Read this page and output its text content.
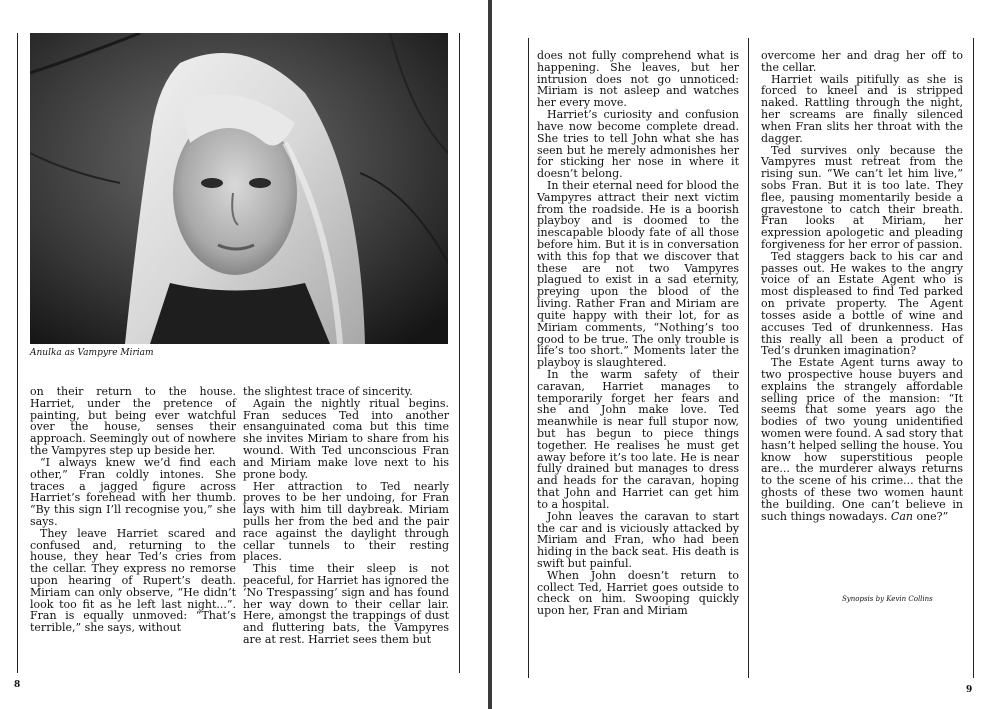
Anulka as Vampyre Miriam

on their return to the house. Harriet, under the pretence of painting, but being ever watchful over the house, senses their approach. Seemingly out of nowhere the Vampyres step up beside her.

“I always knew we’d find each other,” Fran coldly intones. She traces a jagged figure across Harriet’s forehead with her thumb. “By this sign I’ll recognise you,” she says.

They leave Harriet scared and confused and, returning to the house, they hear Ted’s cries from the cellar. They express no remorse upon hearing of Rupert’s death. Miriam can only observe, “He didn’t look too fit as he left last night...”. Fran is equally unmoved: “That’s terrible,” she says, without

the slightest trace of sincerity.

Again the nightly ritual begins. Fran seduces Ted into another ensanguinated coma but this time she invites Miriam to share from his wound. With Ted unconscious Fran and Miriam make love next to his prone body.

Her attraction to Ted nearly proves to be her undoing, for Fran lays with him till daybreak. Miriam pulls her from the bed and the pair race against the daylight through cellar tunnels to their resting places.

This time their sleep is not peaceful, for Harriet has ignored the ‘No Trespassing’ sign and has found her way down to their cellar lair. Here, amongst the trappings of dust and fluttering bats, the Vampyres are at rest. Harriet sees them but

8

does not fully comprehend what is happening. She leaves, but her intrusion does not go unnoticed: Miriam is not asleep and watches her every move.

Harriet’s curiosity and confusion have now become complete dread. She tries to tell John what she has seen but he merely admonishes her for sticking her nose in where it doesn’t belong.

In their eternal need for blood the Vampyres attract their next victim from the roadside. He is a boorish playboy and is doomed to the inescapable bloody fate of all those before him. But it is in conversation with this fop that we discover that these are not two Vampyres plagued to exist in a sad eternity, preying upon the blood of the living. Rather Fran and Miriam are quite happy with their lot, for as Miriam comments, “Nothing’s too good to be true. The only trouble is life’s too short.” Moments later the playboy is slaughtered.

In the warm safety of their caravan, Harriet manages to temporarily forget her fears and she and John make love. Ted meanwhile is near full stupor now, but has begun to piece things together. He realises he must get away before it’s too late. He is near fully drained but manages to dress and heads for the caravan, hoping that John and Harriet can get him to a hospital.

John leaves the caravan to start the car and is viciously attacked by Miriam and Fran, who had been hiding in the back seat. His death is swift but painful.

When John doesn’t return to collect Ted, Harriet goes outside to check on him. Swooping quickly upon her, Fran and Miriam

overcome her and drag her off to the cellar.

Harriet wails pitifully as she is forced to kneel and is stripped naked. Rattling through the night, her screams are finally silenced when Fran slits her throat with the dagger.

Ted survives only because the Vampyres must retreat from the rising sun. “We can’t let him live,” sobs Fran. But it is too late. They flee, pausing momentarily beside a gravestone to catch their breath. Fran looks at Miriam, her expression apologetic and pleading forgiveness for her error of passion.

Ted staggers back to his car and passes out. He wakes to the angry voice of an Estate Agent who is most displeased to find Ted parked on private property. The Agent tosses aside a bottle of wine and accuses Ted of drunkenness. Has this really all been a product of Ted’s drunken imagination?

The Estate Agent turns away to two prospective house buyers and explains the strangely affordable selling price of the mansion: “It seems that some years ago the bodies of two young unidentified women were found. A sad story that hasn’t helped selling the house. You know how superstitious people are... the murderer always returns to the scene of his crime... that the ghosts of these two women haunt the building. One can’t believe in such things nowadays. Can one?”

Synopsis by Kevin Collins
9
